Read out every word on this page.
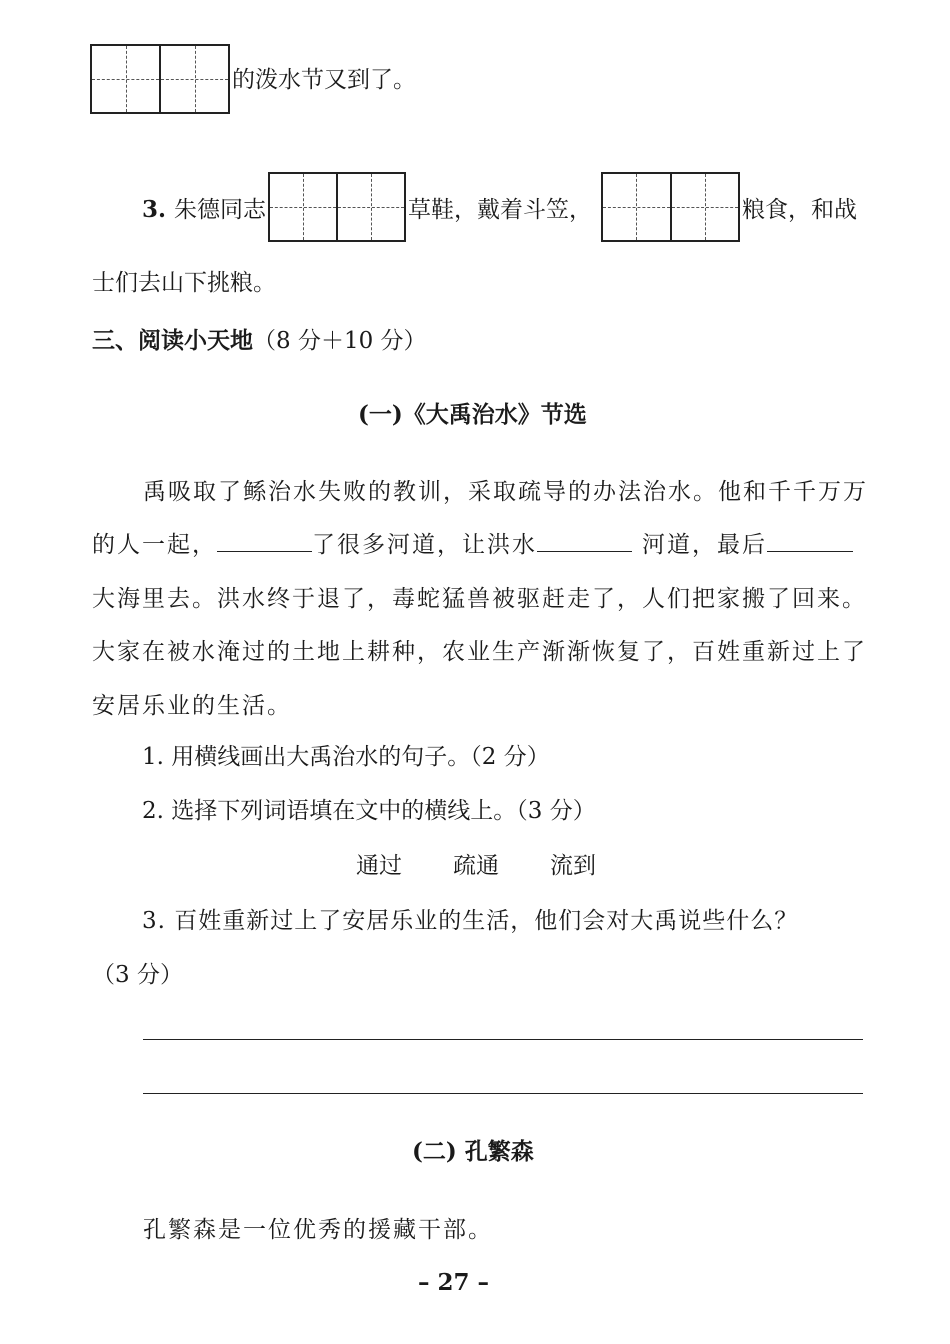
的泼水节又到了。
3. 朱德同志	草鞋，戴着斗笠，	粮食，和战
士们去山下挑粮。
三、阅读小天地（8 分＋10 分）
(一)《大禹治水》节选
禹吸取了鲧治水失败的教训，采取疏导的办法治水。他和千千万万
的人一起，	了很多河道，让洪水	河道，最后
大海里去。洪水终于退了，毒蛇猛兽被驱赶走了，人们把家搬了回来。
大家在被水淹过的土地上耕种，农业生产渐渐恢复了，百姓重新过上了
安居乐业的生活。
1. 用横线画出大禹治水的句子。（2 分）
2. 选择下列词语填在文中的横线上。（3 分）
通过 疏通 流到
3. 百姓重新过上了安居乐业的生活，他们会对大禹说些什么？
（3 分）
(二) 孔繁森
孔繁森是一位优秀的援藏干部。
– 27 –
